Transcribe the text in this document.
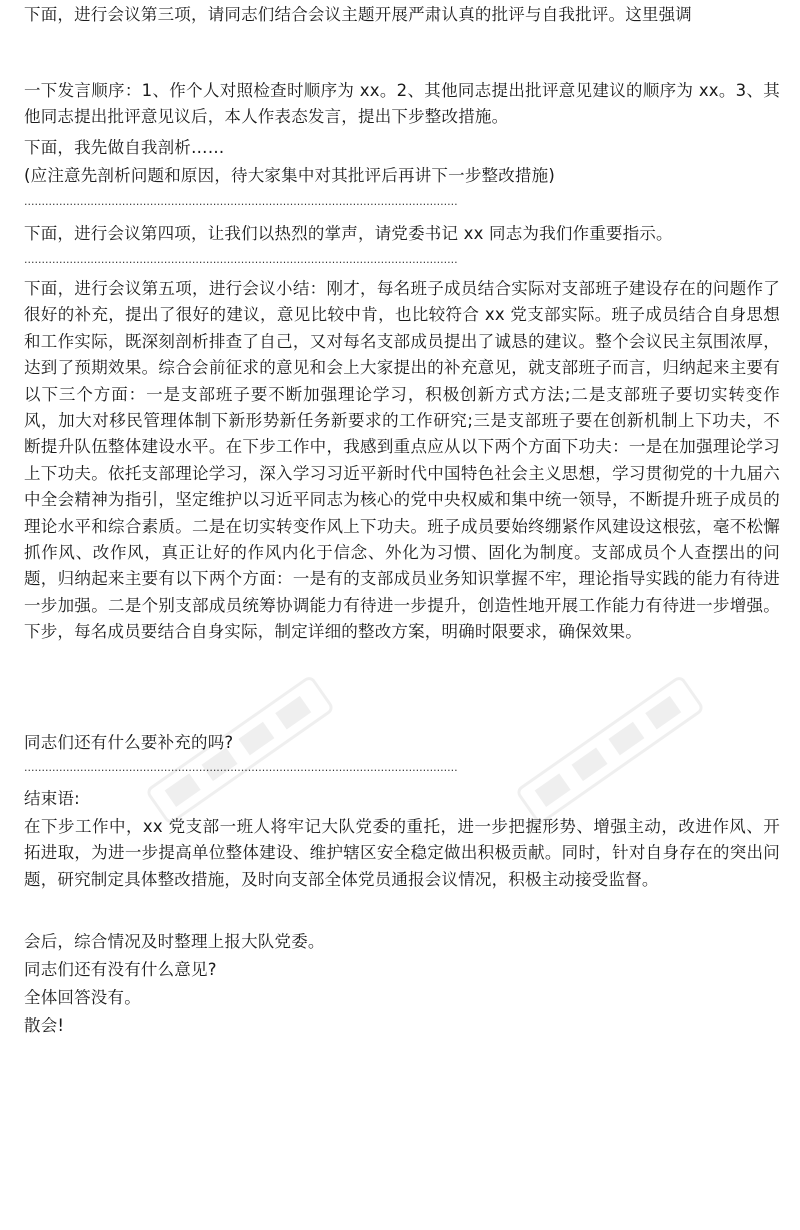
下面，进行会议第三项，请同志们结合会议主题开展严肃认真的批评与自我批评。这里强调

一下发言顺序：1、作个人对照检查时顺序为 xx。2、其他同志提出批评意见建议的顺序为 xx。3、其他同志提出批评意见议后，本人作表态发言，提出下步整改措施。

下面，我先做自我剖析……

(应注意先剖析问题和原因，待大家集中对其批评后再讲下一步整改措施)

............................................................................................................................

下面，进行会议第四项，让我们以热烈的掌声，请党委书记 xx 同志为我们作重要指示。

............................................................................................................................

下面，进行会议第五项，进行会议小结：刚才，每名班子成员结合实际对支部班子建设存在的问题作了很好的补充，提出了很好的建议，意见比较中肯，也比较符合 xx 党支部实际。班子成员结合自身思想和工作实际，既深刻剖析排查了自己，又对每名支部成员提出了诚恳的建议。整个会议民主氛围浓厚，达到了预期效果。综合会前征求的意见和会上大家提出的补充意见，就支部班子而言，归纳起来主要有以下三个方面：一是支部班子要不断加强理论学习，积极创新方式方法;二是支部班子要切实转变作风，加大对移民管理体制下新形势新任务新要求的工作研究;三是支部班子要在创新机制上下功夫，不断提升队伍整体建设水平。在下步工作中，我感到重点应从以下两个方面下功夫：一是在加强理论学习上下功夫。依托支部理论学习，深入学习习近平新时代中国特色社会主义思想，学习贯彻党的十九届六中全会精神为指引，坚定维护以习近平同志为核心的党中央权威和集中统一领导，不断提升班子成员的理论水平和综合素质。二是在切实转变作风上下功夫。班子成员要始终绷紧作风建设这根弦，毫不松懈抓作风、改作风，真正让好的作风内化于信念、外化为习惯、固化为制度。支部成员个人查摆出的问题，归纳起来主要有以下两个方面：一是有的支部成员业务知识掌握不牢，理论指导实践的能力有待进一步加强。二是个别支部成员统筹协调能力有待进一步提升，创造性地开展工作能力有待进一步增强。下步，每名成员要结合自身实际，制定详细的整改方案，明确时限要求，确保效果。

同志们还有什么要补充的吗?

............................................................................................................................

结束语:

在下步工作中，xx 党支部一班人将牢记大队党委的重托，进一步把握形势、增强主动，改进作风、开拓进取，为进一步提高单位整体建设、维护辖区安全稳定做出积极贡献。同时，针对自身存在的突出问题，研究制定具体整改措施，及时向支部全体党员通报会议情况，积极主动接受监督。

会后，综合情况及时整理上报大队党委。

同志们还有没有什么意见?

全体回答没有。

散会!
